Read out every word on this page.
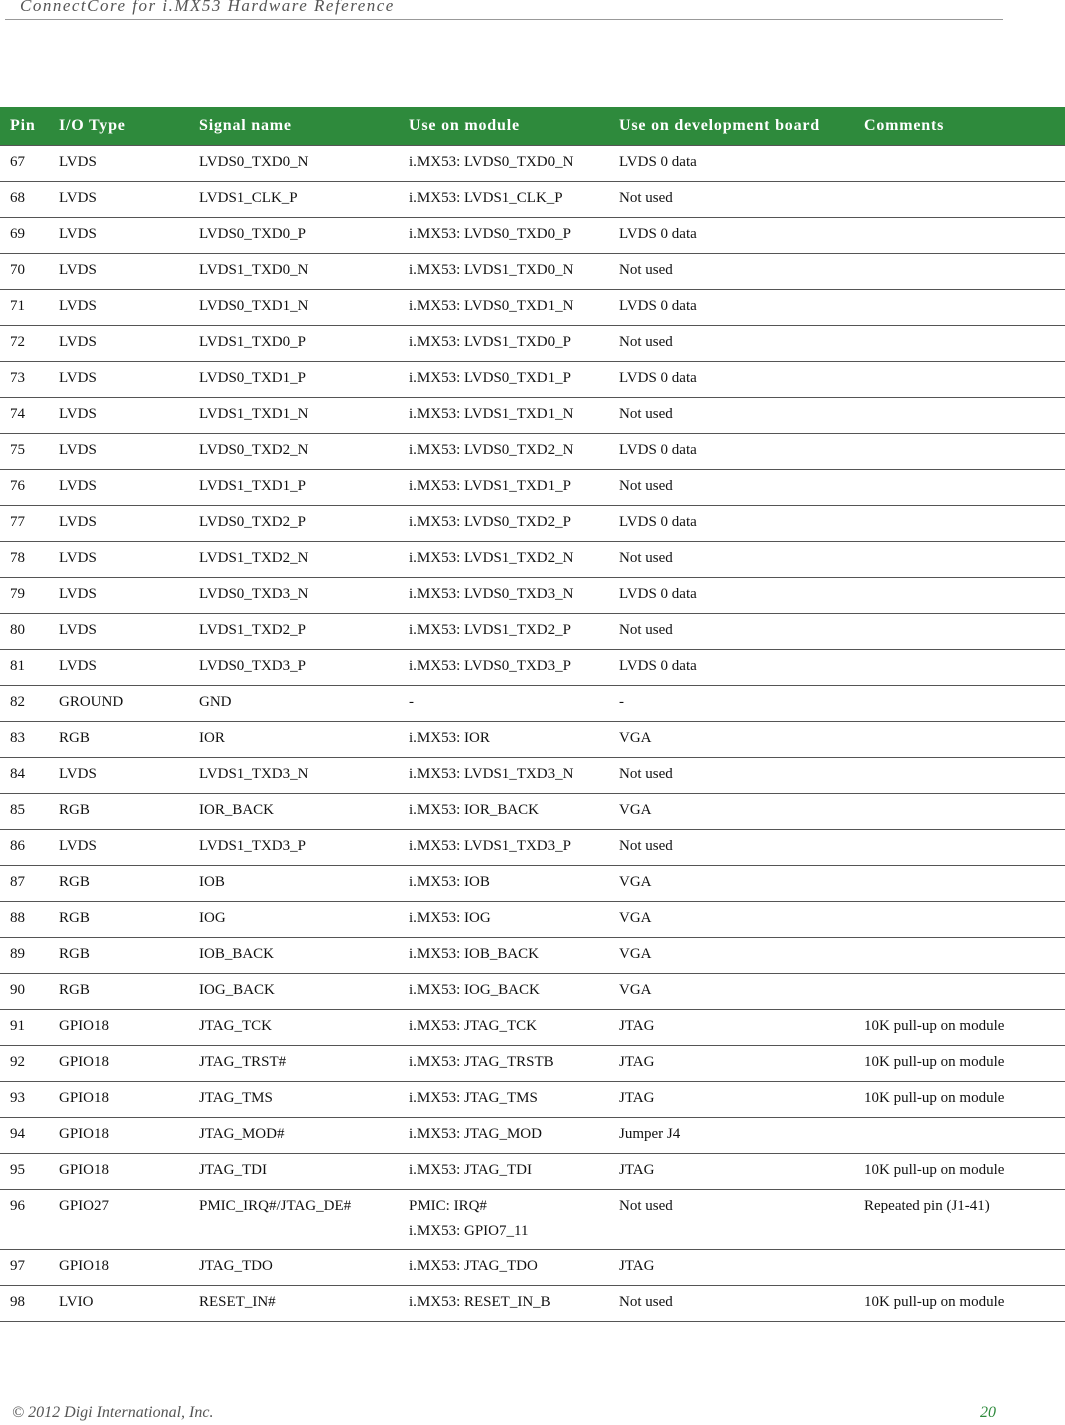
ConnectCore for i.MX53 Hardware Reference
Pin	I/O Type	Signal name	Use on module	Use on development board	Comments
67	LVDS	LVDS0_TXD0_N	i.MX53: LVDS0_TXD0_N	LVDS 0 data	
68	LVDS	LVDS1_CLK_P	i.MX53: LVDS1_CLK_P	Not used	
69	LVDS	LVDS0_TXD0_P	i.MX53: LVDS0_TXD0_P	LVDS 0 data	
70	LVDS	LVDS1_TXD0_N	i.MX53: LVDS1_TXD0_N	Not used	
71	LVDS	LVDS0_TXD1_N	i.MX53: LVDS0_TXD1_N	LVDS 0 data	
72	LVDS	LVDS1_TXD0_P	i.MX53: LVDS1_TXD0_P	Not used	
73	LVDS	LVDS0_TXD1_P	i.MX53: LVDS0_TXD1_P	LVDS 0 data	
74	LVDS	LVDS1_TXD1_N	i.MX53: LVDS1_TXD1_N	Not used	
75	LVDS	LVDS0_TXD2_N	i.MX53: LVDS0_TXD2_N	LVDS 0 data	
76	LVDS	LVDS1_TXD1_P	i.MX53: LVDS1_TXD1_P	Not used	
77	LVDS	LVDS0_TXD2_P	i.MX53: LVDS0_TXD2_P	LVDS 0 data	
78	LVDS	LVDS1_TXD2_N	i.MX53: LVDS1_TXD2_N	Not used	
79	LVDS	LVDS0_TXD3_N	i.MX53: LVDS0_TXD3_N	LVDS 0 data	
80	LVDS	LVDS1_TXD2_P	i.MX53: LVDS1_TXD2_P	Not used	
81	LVDS	LVDS0_TXD3_P	i.MX53: LVDS0_TXD3_P	LVDS 0 data	
82	GROUND	GND	-	-	
83	RGB	IOR	i.MX53: IOR	VGA	
84	LVDS	LVDS1_TXD3_N	i.MX53: LVDS1_TXD3_N	Not used	
85	RGB	IOR_BACK	i.MX53: IOR_BACK	VGA	
86	LVDS	LVDS1_TXD3_P	i.MX53: LVDS1_TXD3_P	Not used	
87	RGB	IOB	i.MX53: IOB	VGA	
88	RGB	IOG	i.MX53: IOG	VGA	
89	RGB	IOB_BACK	i.MX53: IOB_BACK	VGA	
90	RGB	IOG_BACK	i.MX53: IOG_BACK	VGA	
91	GPIO18	JTAG_TCK	i.MX53: JTAG_TCK	JTAG	10K pull-up on module
92	GPIO18	JTAG_TRST#	i.MX53: JTAG_TRSTB	JTAG	10K pull-up on module
93	GPIO18	JTAG_TMS	i.MX53: JTAG_TMS	JTAG	10K pull-up on module
94	GPIO18	JTAG_MOD#	i.MX53: JTAG_MOD	Jumper J4	
95	GPIO18	JTAG_TDI	i.MX53: JTAG_TDI	JTAG	10K pull-up on module
96	GPIO27	PMIC_IRQ#/JTAG_DE#	PMIC: IRQ#
i.MX53: GPIO7_11	Not used	Repeated pin (J1-41)
97	GPIO18	JTAG_TDO	i.MX53: JTAG_TDO	JTAG	
98	LVIO	RESET_IN#	i.MX53: RESET_IN_B	Not used	10K pull-up on module
© 2012 Digi International, Inc.	20
